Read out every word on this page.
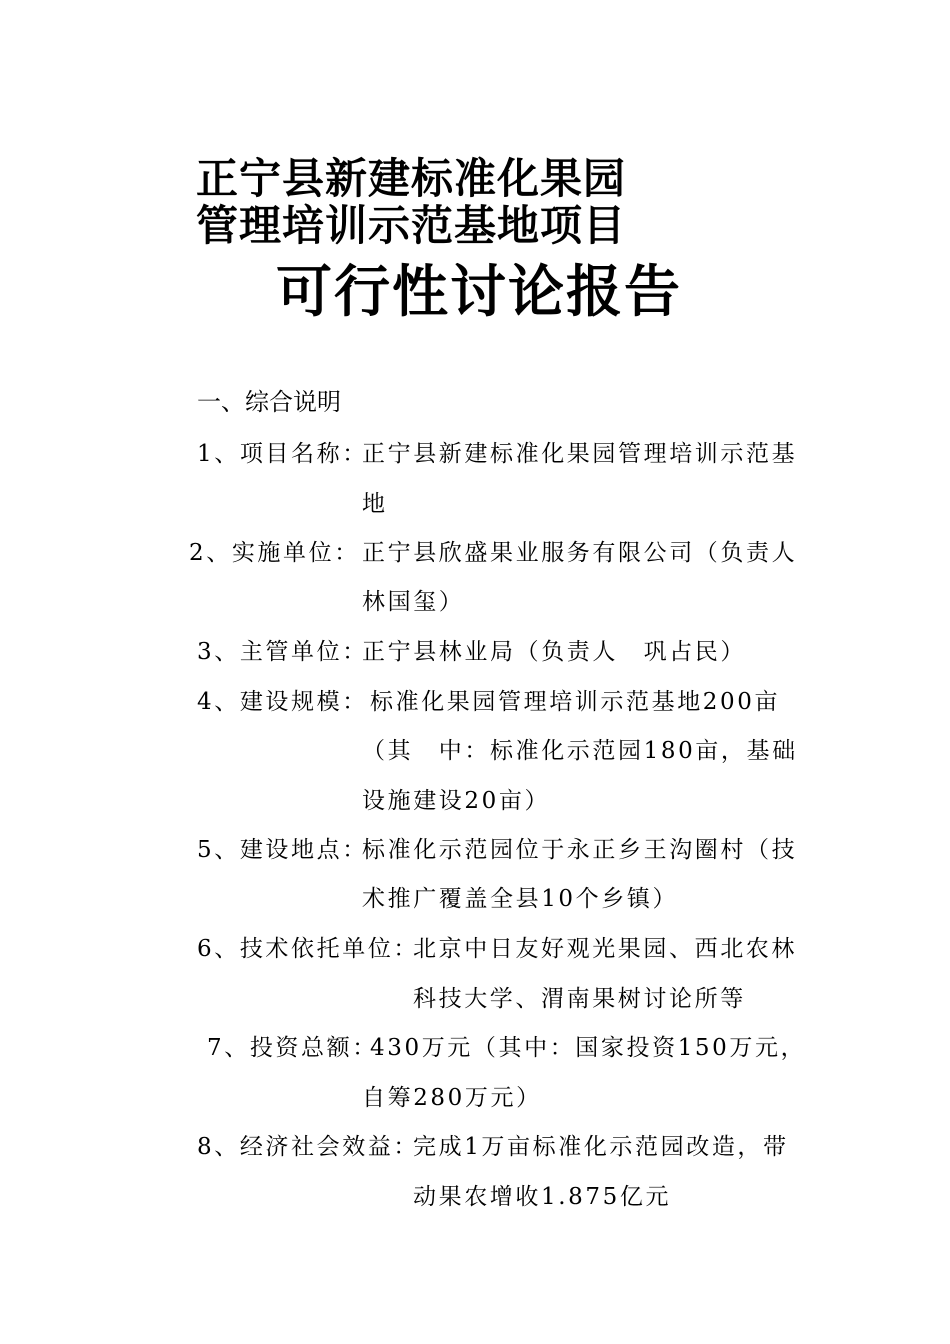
正宁县新建标准化果园
管理培训示范基地项目
可行性讨论报告
一、综合说明
1、项目名称：
正宁县新建标准化果园管理培训示范基
地
2、实施单位： 正宁县欣盛果业服务有限公司（负责人
林国玺）
3、主管单位：
正宁县林业局（负责人　巩占民）
4、建设规模： 标准化果园管理培训示范基地200亩
（其　中：标准化示范园180亩，基础
设施建设20亩）
5、建设地点：
标准化示范园位于永正乡王沟圈村（技
术推广覆盖全县10个乡镇）
6、技术依托单位：
北京中日友好观光果园、西北农林
科技大学、渭南果树讨论所等
7、投资总额：
430万元（其中：国家投资150万元，
自筹280万元）
8、经济社会效益：
完成1万亩标准化示范园改造，带
动果农增收1.875亿元
